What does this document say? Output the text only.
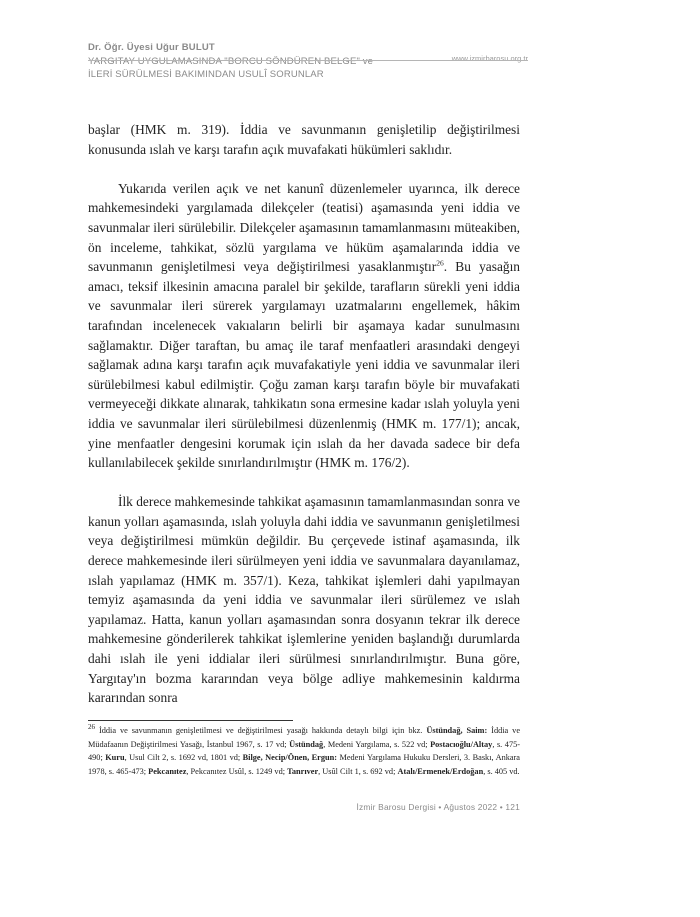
Dr. Öğr. Üyesi Uğur BULUT
YARGITAY UYGULAMASINDA "BORCU SÖNDÜREN BELGE" ve
İLERİ SÜRÜLMESİ BAKIMINDAN USULÎ SORUNLAR
www.izmirbarosu.org.tr

başlar (HMK m. 319). İddia ve savunmanın genişletilip değiştirilmesi konusunda ıslah ve karşı tarafın açık muvafakati hükümleri saklıdır.

Yukarıda verilen açık ve net kanunî düzenlemeler uyarınca, ilk derece mahkemesindeki yargılamada dilekçeler (teatisi) aşamasında yeni iddia ve savunmalar ileri sürülebilir. Dilekçeler aşamasının tamamlanmasını müteakiben, ön inceleme, tahkikat, sözlü yargılama ve hüküm aşamalarında iddia ve savunmanın genişletilmesi veya değiştirilmesi yasaklanmıştır$^{26}$. Bu yasağın amacı, teksif ilkesinin amacına paralel bir şekilde, tarafların sürekli yeni iddia ve savunmalar ileri sürerek yargılamayı uzatmalarını engellemek, hâkim tarafından incelenecek vakıaların belirli bir aşamaya kadar sunulmasını sağlamaktır. Diğer taraftan, bu amaç ile taraf menfaatleri arasındaki dengeyi sağlamak adına karşı tarafın açık muvafakatiyle yeni iddia ve savunmalar ileri sürülebilmesi kabul edilmiştir. Çoğu zaman karşı tarafın böyle bir muvafakati vermeyeceği dikkate alınarak, tahkikatın sona ermesine kadar ıslah yoluyla yeni iddia ve savunmalar ileri sürülebilmesi düzenlenmiş (HMK m. 177/1); ancak, yine menfaatler dengesini korumak için ıslah da her davada sadece bir defa kullanılabilecek şekilde sınırlandırılmıştır (HMK m. 176/2).

İlk derece mahkemesinde tahkikat aşamasının tamamlanmasından sonra ve kanun yolları aşamasında, ıslah yoluyla dahi iddia ve savunmanın genişletilmesi veya değiştirilmesi mümkün değildir. Bu çerçevede istinaf aşamasında, ilk derece mahkemesinde ileri sürülmeyen yeni iddia ve savunmalara dayanılamaz, ıslah yapılamaz (HMK m. 357/1). Keza, tahkikat işlemleri dahi yapılmayan temyiz aşamasında da yeni iddia ve savunmalar ileri sürülemez ve ıslah yapılamaz. Hatta, kanun yolları aşamasından sonra dosyanın tekrar ilk derece mahkemesine gönderilerek tahkikat işlemlerine yeniden başlandığı durumlarda dahi ıslah ile yeni iddialar ileri sürülmesi sınırlandırılmıştır. Buna göre, Yargıtay'ın bozma kararından veya bölge adliye mahkemesinin kaldırma kararından sonra

$^{26}$ İddia ve savunmanın genişletilmesi ve değiştirilmesi yasağı hakkında detaylı bilgi için bkz. Üstündağ, Saim: İddia ve Müdafaanın Değiştirilmesi Yasağı, İstanbul 1967, s. 17 vd; Üstündağ, Medeni Yargılama, s. 522 vd; Postacıoğlu/Altay, s. 475-490; Kuru, Usul Cilt 2, s. 1692 vd, 1801 vd; Bilge, Necip/Önen, Ergun: Medeni Yargılama Hukuku Dersleri, 3. Baskı, Ankara 1978, s. 465-473; Pekcanıtez, Pekcanıtez Usûl, s. 1249 vd; Tanrıver, Usûl Cilt 1, s. 692 vd; Atalı/Ermenek/Erdoğan, s. 405 vd.
İzmir Barosu Dergisi • Ağustos 2022 • 121
